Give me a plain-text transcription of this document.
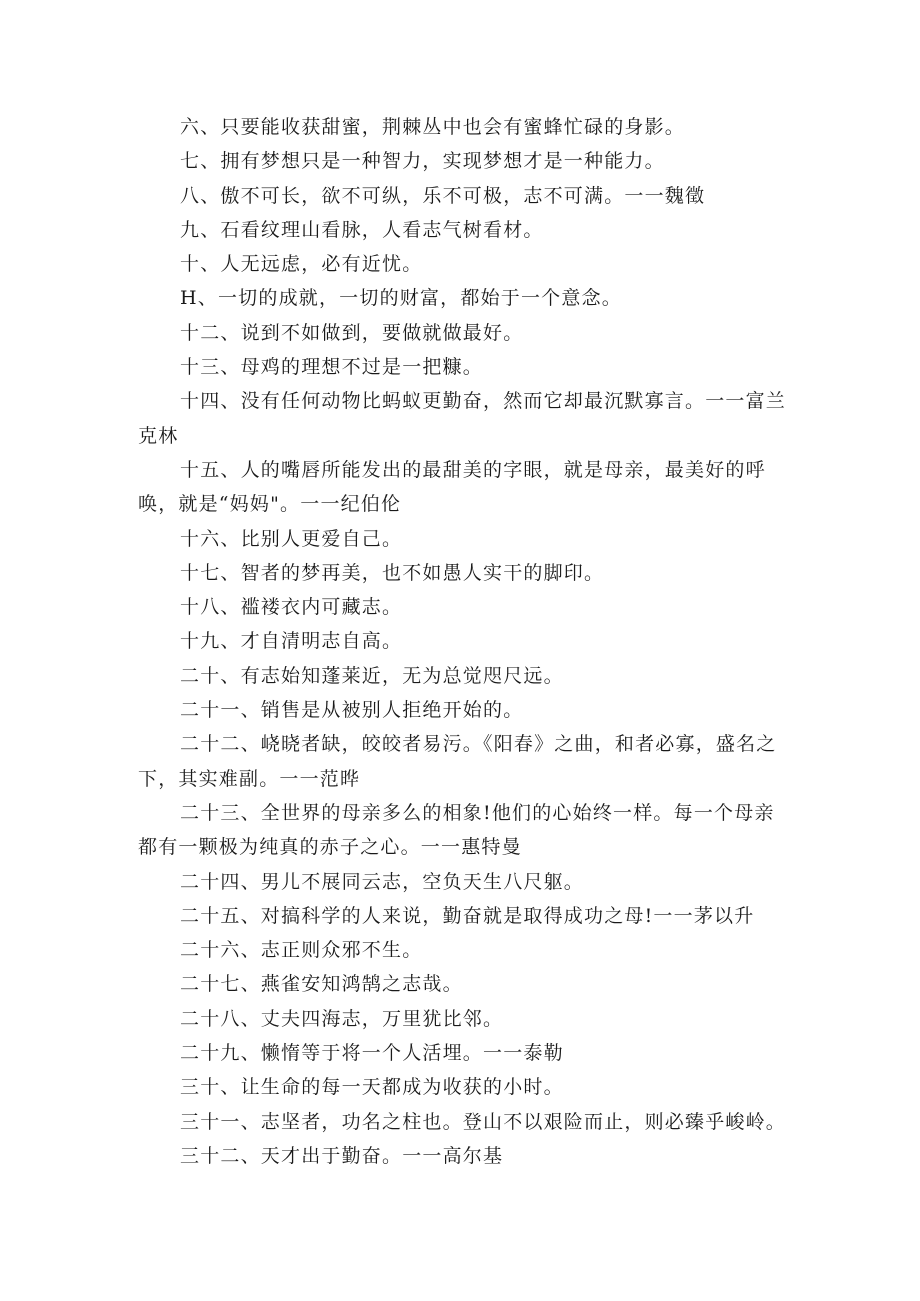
六、只要能收获甜蜜，荆棘丛中也会有蜜蜂忙碌的身影。

七、拥有梦想只是一种智力，实现梦想才是一种能力。

八、傲不可长，欲不可纵，乐不可极，志不可满。一一魏徵

九、石看纹理山看脉，人看志气树看材。

十、人无远虑，必有近忧。

H、一切的成就，一切的财富，都始于一个意念。

十二、说到不如做到，要做就做最好。

十三、母鸡的理想不过是一把糠。

十四、没有任何动物比蚂蚁更勤奋，然而它却最沉默寡言。一一富兰克林

十五、人的嘴唇所能发出的最甜美的字眼，就是母亲，最美好的呼唤，就是“妈妈"。一一纪伯伦

十六、比别人更爱自己。

十七、智者的梦再美，也不如愚人实干的脚印。

十八、褴褛衣内可藏志。

十九、才自清明志自高。

二十、有志始知蓬莱近，无为总觉咫尺远。

二十一、销售是从被别人拒绝开始的。

二十二、峣晓者缺，皎皎者易污。《阳春》之曲，和者必寡，盛名之下，其实难副。一一范晔

二十三、全世界的母亲多么的相象!他们的心始终一样。每一个母亲都有一颗极为纯真的赤子之心。一一惠特曼

二十四、男儿不展同云志，空负天生八尺躯。

二十五、对搞科学的人来说，勤奋就是取得成功之母!一一茅以升

二十六、志正则众邪不生。

二十七、燕雀安知鸿鹄之志哉。

二十八、丈夫四海志，万里犹比邻。

二十九、懒惰等于将一个人活埋。一一泰勒

三十、让生命的每一天都成为收获的小时。

三十一、志坚者，功名之柱也。登山不以艰险而止，则必臻乎峻岭。

三十二、天才出于勤奋。一一高尔基
